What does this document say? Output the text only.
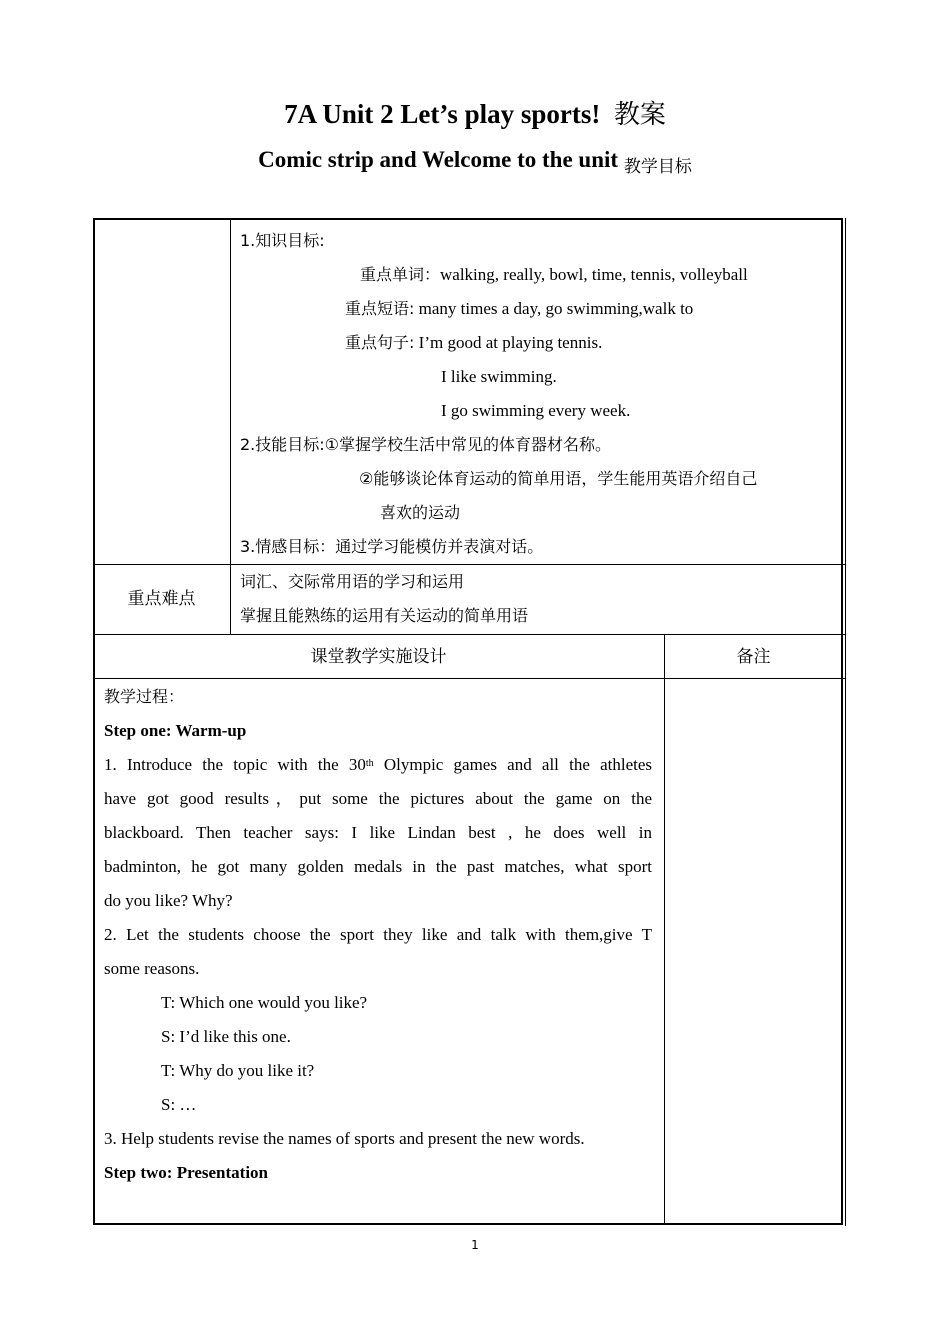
7A Unit 2 Let’s play sports! 教案
Comic strip and Welcome to the unit $_{教学目标}$
1.知识目标:
重点单词：walking, really, bowl, time, tennis, volleyball
重点短语: many times a day, go swimming,walk to
重点句子: I’m good at playing tennis.
I like swimming.
I go swimming every week.
2.技能目标:①掌握学校生活中常见的体育器材名称。
②能够谈论体育运动的简单用语，学生能用英语介绍自己
喜欢的运动
3.情感目标：通过学习能模仿并表演对话。
重点难点
词汇、交际常用语的学习和运用
掌握且能熟练的运用有关运动的简单用语
课堂教学实施设计	备注
教学过程：
Step one: Warm-up
1. Introduce the topic with the 30th Olympic games and all the athletes
have got good results，put some the pictures about the game on the
blackboard. Then teacher says: I like Lindan best , he does well in
badminton, he got many golden medals in the past matches, what sport
do you like? Why?
2. Let the students choose the sport they like and talk with them,give T
some reasons.
T: Which one would you like?
S: I’d like this one.
T: Why do you like it?
S: …
3. Help students revise the names of sports and present the new words.
Step two: Presentation
1
